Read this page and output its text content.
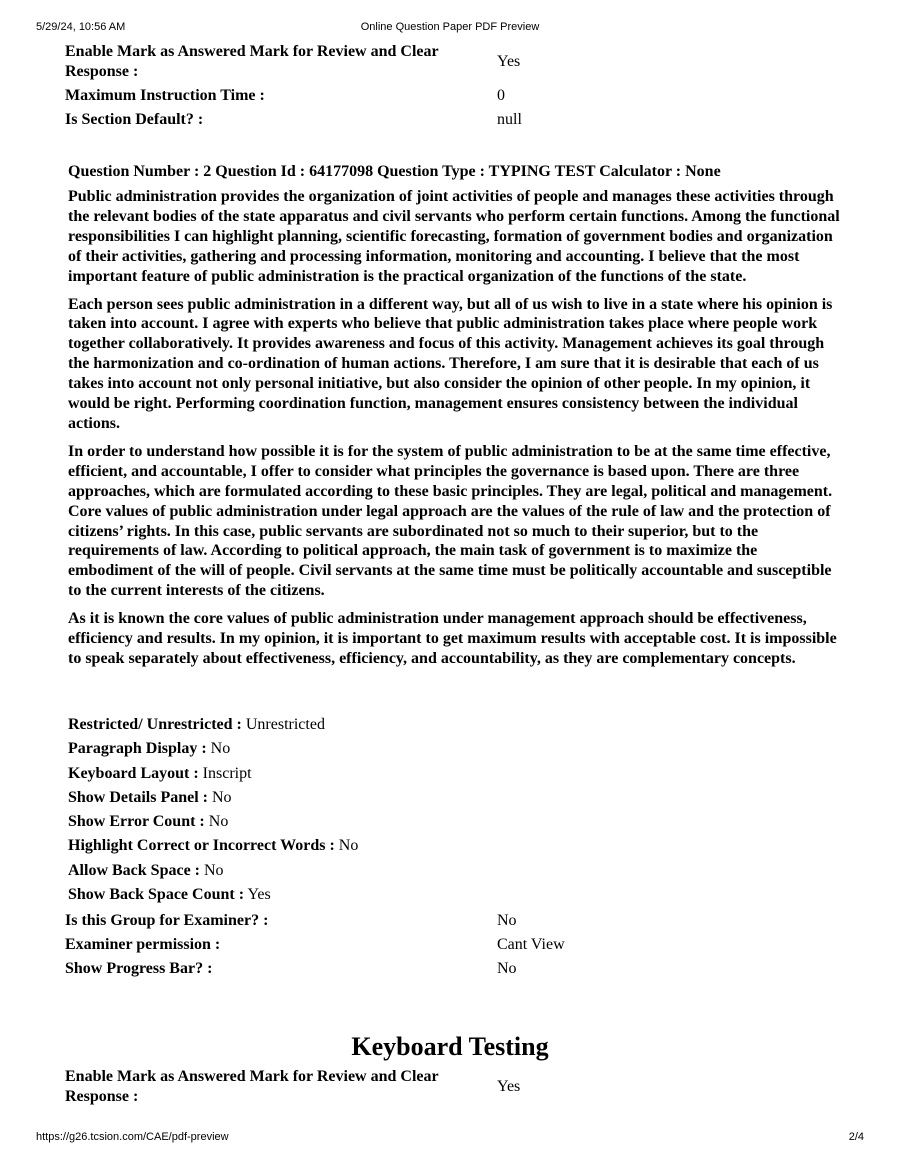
5/29/24, 10:56 AM	Online Question Paper PDF Preview
Enable Mark as Answered Mark for Review and Clear
Response :
Yes
Maximum Instruction Time :	0
Is Section Default? :	null
Question Number : 2 Question Id : 64177098 Question Type : TYPING TEST Calculator : None

Public administration provides the organization of joint activities of people and manages these activities through the relevant bodies of the state apparatus and civil servants who perform certain functions. Among the functional responsibilities I can highlight planning, scientific forecasting, formation of government bodies and organization of their activities, gathering and processing information, monitoring and accounting. I believe that the most important feature of public administration is the practical organization of the functions of the state.

Each person sees public administration in a different way, but all of us wish to live in a state where his opinion is taken into account. I agree with experts who believe that public administration takes place where people work together collaboratively. It provides awareness and focus of this activity. Management achieves its goal through the harmonization and co-ordination of human actions. Therefore, I am sure that it is desirable that each of us takes into account not only personal initiative, but also consider the opinion of other people. In my opinion, it would be right. Performing coordination function, management ensures consistency between the individual actions.

In order to understand how possible it is for the system of public administration to be at the same time effective, efficient, and accountable, I offer to consider what principles the governance is based upon. There are three approaches, which are formulated according to these basic principles. They are legal, political and management. Core values of public administration under legal approach are the values of the rule of law and the protection of citizens’ rights. In this case, public servants are subordinated not so much to their superior, but to the requirements of law. According to political approach, the main task of government is to maximize the embodiment of the will of people. Civil servants at the same time must be politically accountable and susceptible to the current interests of the citizens.

As it is known the core values of public administration under management approach should be effectiveness, efficiency and results. In my opinion, it is important to get maximum results with acceptable cost. It is impossible to speak separately about effectiveness, efficiency, and accountability, as they are complementary concepts.

Restricted/ Unrestricted : Unrestricted
Paragraph Display : No
Keyboard Layout : Inscript
Show Details Panel : No
Show Error Count : No
Highlight Correct or Incorrect Words : No
Allow Back Space : No
Show Back Space Count : Yes
Is this Group for Examiner? :	No
Examiner permission :	Cant View
Show Progress Bar? :	No
Keyboard Testing
Enable Mark as Answered Mark for Review and Clear
Response :
Yes
https://g26.tcsion.com/CAE/pdf-preview	2/4
